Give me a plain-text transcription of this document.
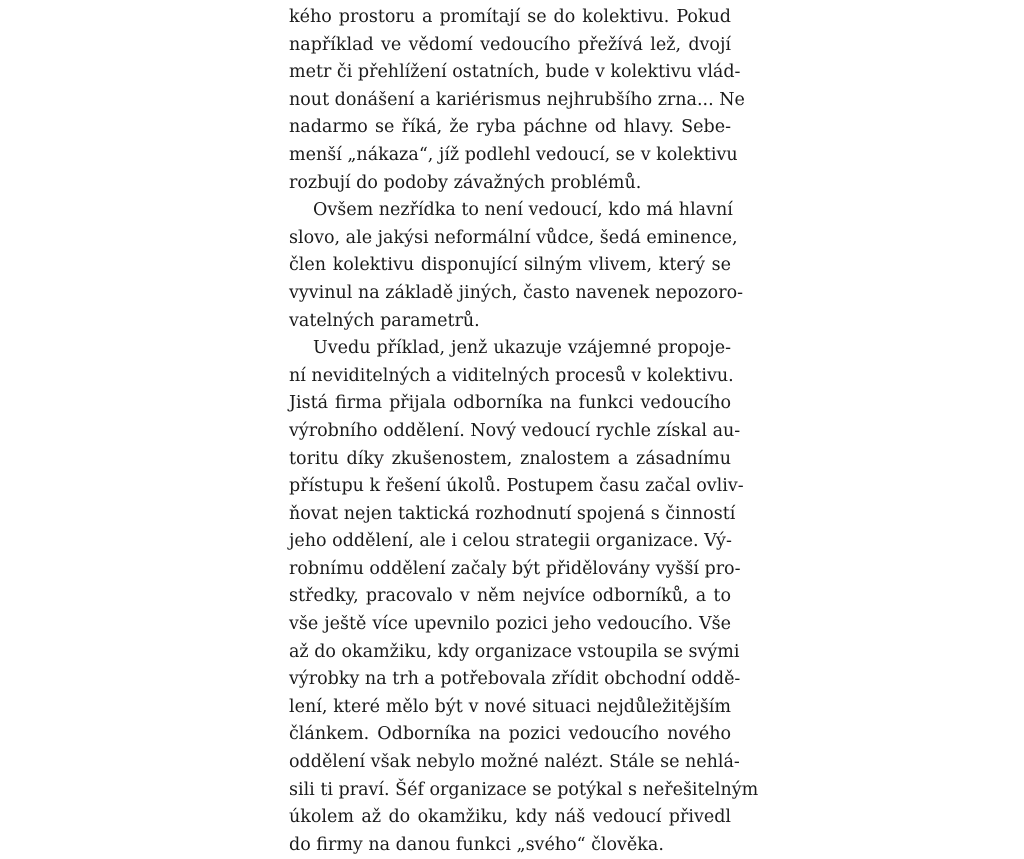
kého prostoru a promítají se do kolektivu. Pokud
například ve vědomí vedoucího přežívá lež, dvojí
metr či přehlížení ostatních, bude v kolektivu vlád-
nout donášení a kariérismus nejhrubšího zrna... Ne
nadarmo se říká, že ryba páchne od hlavy. Sebe-
menší „nákaza“, jíž podlehl vedoucí, se v kolektivu
rozbují do podoby závažných problémů.
Ovšem nezřídka to není vedoucí, kdo má hlavní
slovo, ale jakýsi neformální vůdce, šedá eminence,
člen kolektivu disponující silným vlivem, který se
vyvinul na základě jiných, často navenek nepozoro-
vatelných parametrů.
Uvedu příklad, jenž ukazuje vzájemné propoje-
ní neviditelných a viditelných procesů v kolektivu.
Jistá firma přijala odborníka na funkci vedoucího
výrobního oddělení. Nový vedoucí rychle získal au-
toritu díky zkušenostem, znalostem a zásadnímu
přístupu k řešení úkolů. Postupem času začal ovliv-
ňovat nejen taktická rozhodnutí spojená s činností
jeho oddělení, ale i celou strategii organizace. Vý-
robnímu oddělení začaly být přidělovány vyšší pro-
středky, pracovalo v něm nejvíce odborníků, a to
vše ještě více upevnilo pozici jeho vedoucího. Vše
až do okamžiku, kdy organizace vstoupila se svými
výrobky na trh a potřebovala zřídit obchodní oddě-
lení, které mělo být v nové situaci nejdůležitějším
článkem. Odborníka na pozici vedoucího nového
oddělení však nebylo možné nalézt. Stále se nehlá-
sili ti praví. Šéf organizace se potýkal s neřešitelným
úkolem až do okamžiku, kdy náš vedoucí přivedl
do firmy na danou funkci „svého“ člověka.
